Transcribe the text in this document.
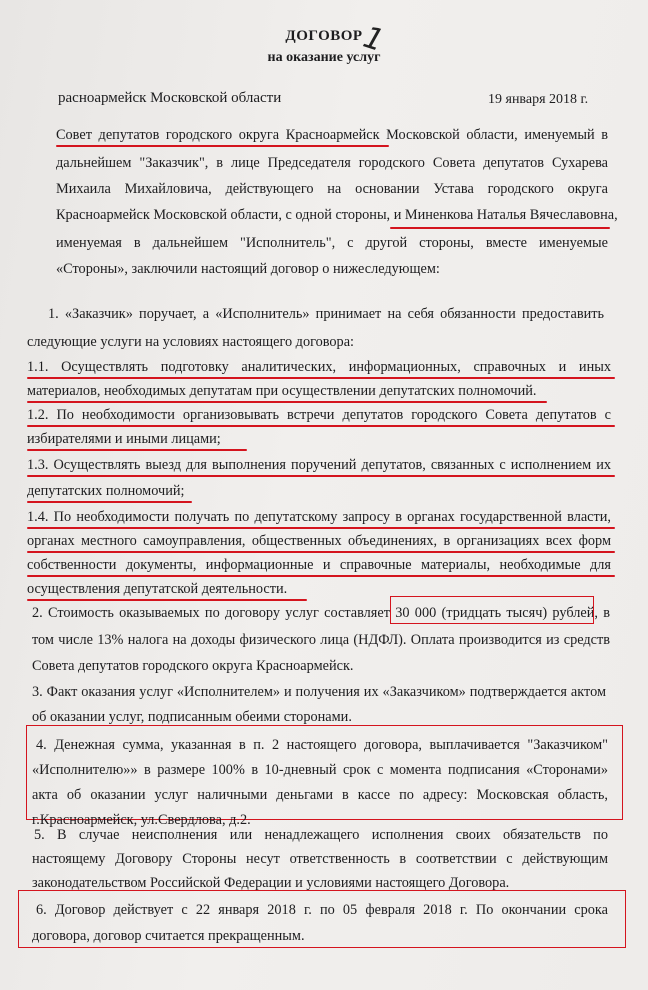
ДОГОВОР
1
на оказание услуг
расноармейск Московской области	19 января 2018 г.
Совет депутатов городского округа Красноармейск Московской области, именуемый в
дальнейшем "Заказчик", в лице Председателя городского Совета депутатов Сухарева
Михаила Михайловича, действующего на основании Устава городского округа
Красноармейск Московской области, с одной стороны, и Миненкова Наталья Вячеславовна,
именуемая в дальнейшем "Исполнитель", с другой стороны, вместе именуемые
«Стороны», заключили настоящий договор о нижеследующем:
1. «Заказчик» поручает, а «Исполнитель» принимает на себя обязанности предоставить
следующие услуги на условиях настоящего договора:
1.1. Осуществлять подготовку аналитических, информационных, справочных и иных
материалов, необходимых депутатам при осуществлении депутатских полномочий.
1.2. По необходимости организовывать встречи депутатов городского Совета депутатов с
избирателями и иными лицами;
1.3. Осуществлять выезд для выполнения поручений депутатов, связанных с исполнением их
депутатских полномочий;
1.4. По необходимости получать по депутатскому запросу в органах государственной власти,
органах местного самоуправления, общественных объединениях, в организациях всех форм
собственности документы, информационные и справочные материалы, необходимые для
осуществления депутатской деятельности.
2. Стоимость оказываемых по договору услуг составляет 30 000 (тридцать тысяч) рублей, в
том числе 13% налога на доходы физического лица (НДФЛ). Оплата производится из средств
Совета депутатов городского округа Красноармейск.
3. Факт оказания услуг «Исполнителем» и получения их «Заказчиком» подтверждается актом
об оказании услуг, подписанным обеими сторонами.
4. Денежная сумма, указанная в п. 2 настоящего договора, выплачивается "Заказчиком"
«Исполнителю»» в размере 100% в 10-дневный срок с момента подписания «Сторонами»
акта об оказании услуг наличными деньгами в кассе по адресу: Московская область,
г.Красноармейск, ул.Свердлова, д.2.
5. В случае неисполнения или ненадлежащего исполнения своих обязательств по
настоящему Договору Стороны несут ответственность в соответствии с действующим
законодательством Российской Федерации и условиями настоящего Договора.
6. Договор действует с 22 января 2018 г. по 05 февраля 2018 г. По окончании срока
договора, договор считается прекращенным.
